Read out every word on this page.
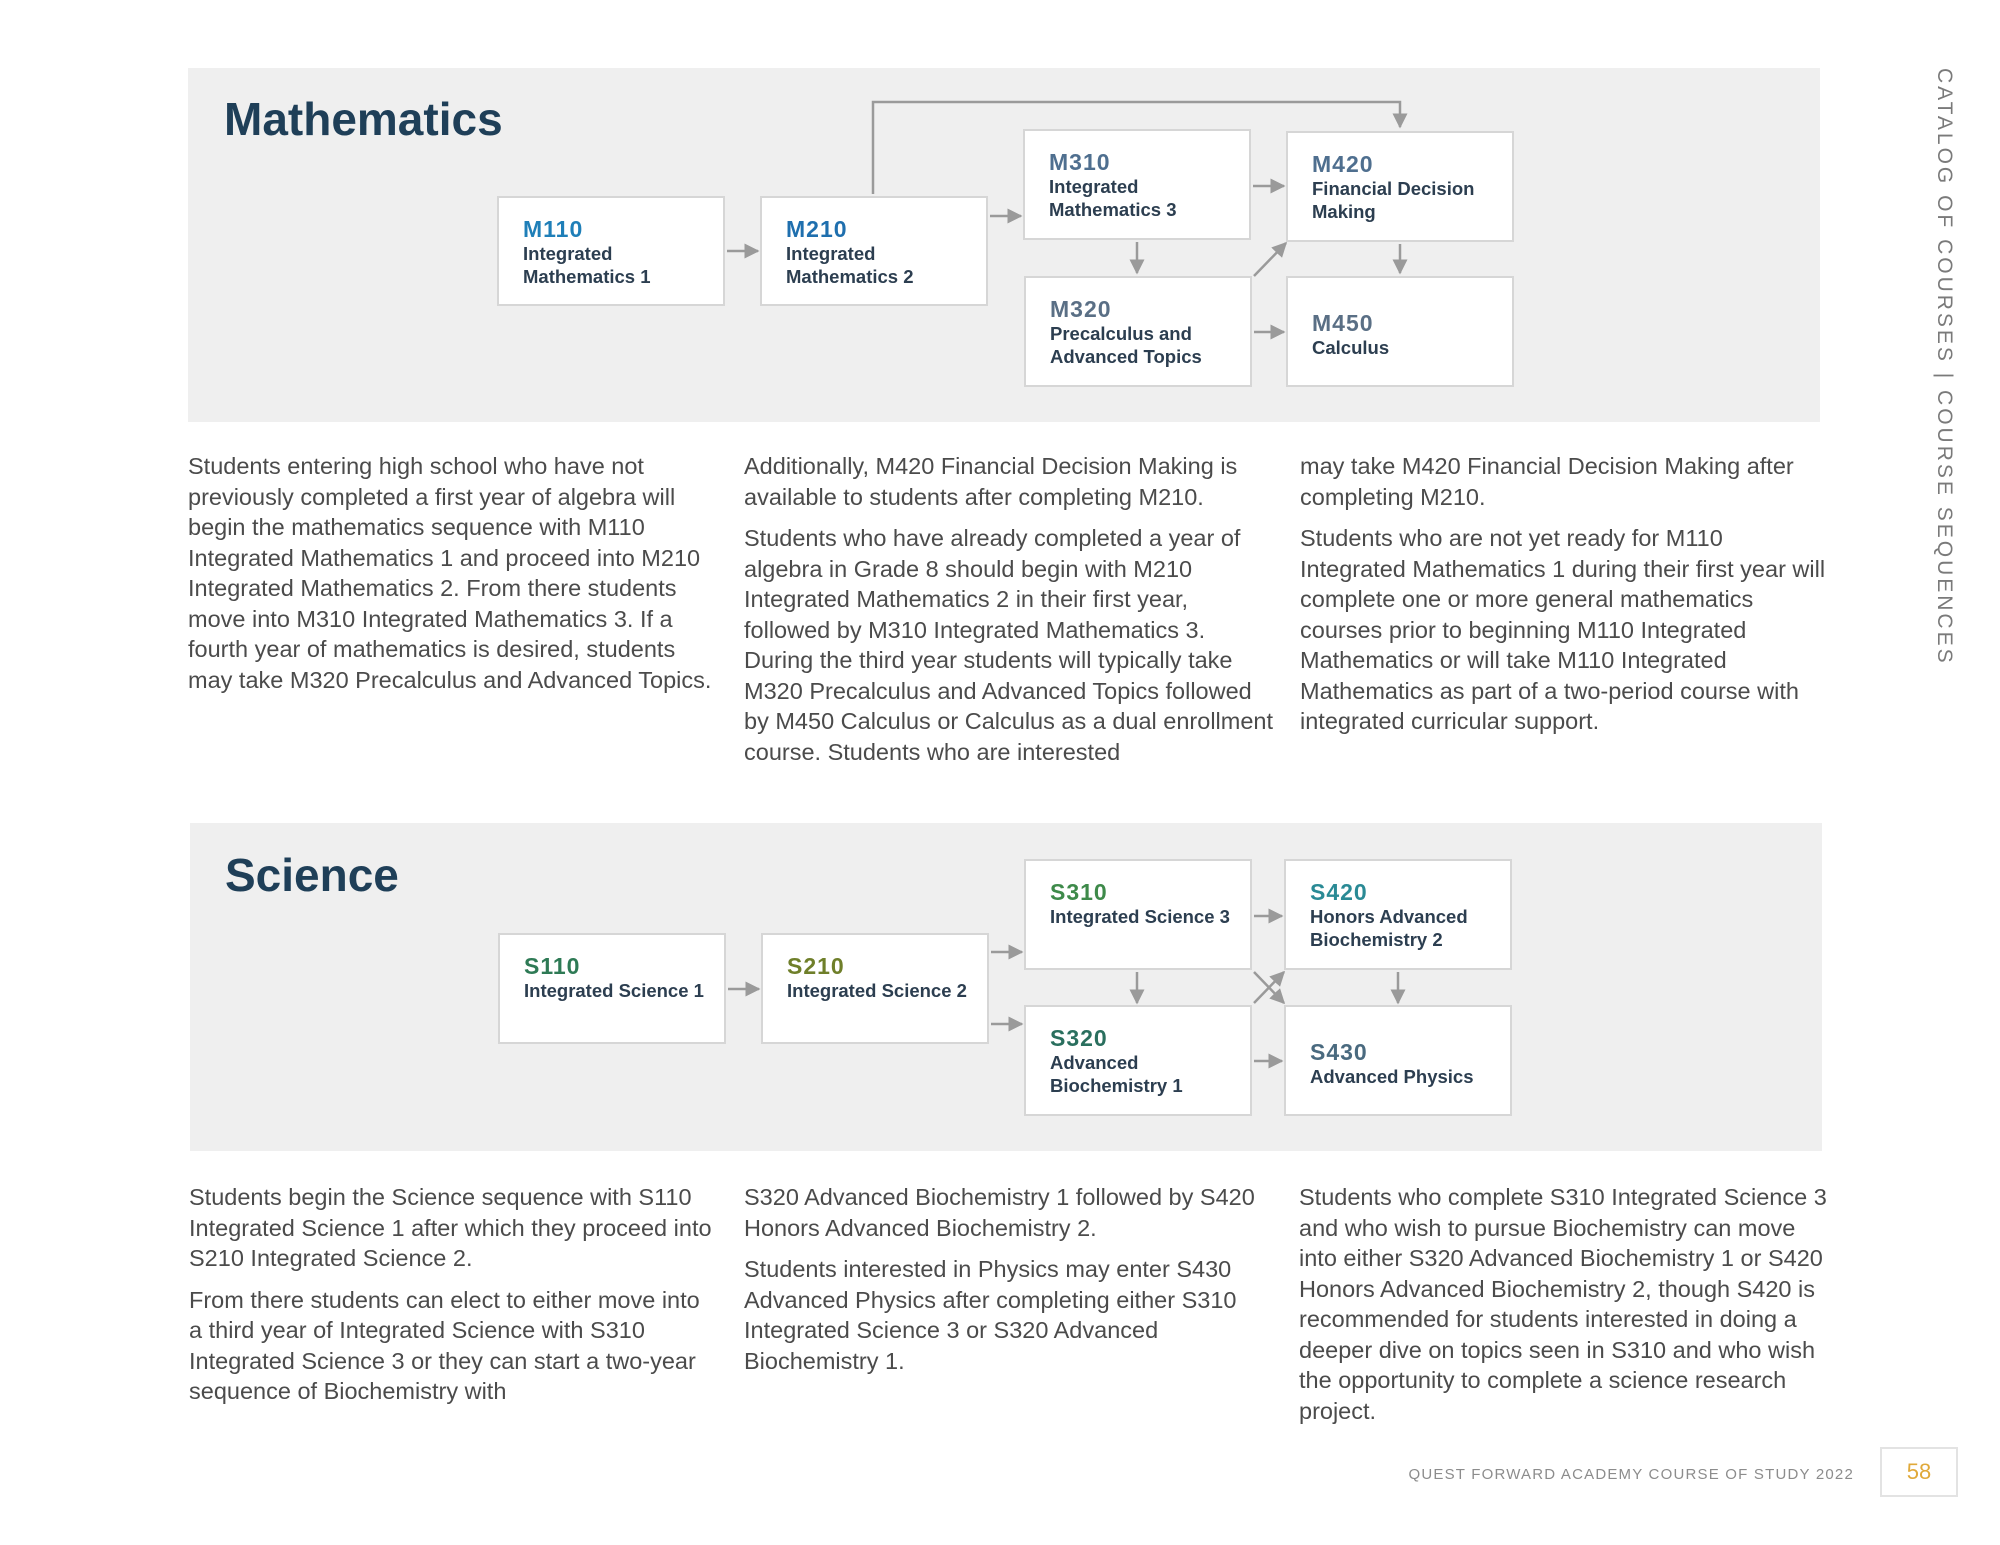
Mathematics
M110
Integrated Mathematics 1
M210
Integrated Mathematics 2
M310
Integrated Mathematics 3
M320
Precalculus and Advanced Topics
M420
Financial Decision Making
M450
Calculus
Science
S110
Integrated Science 1
S210
Integrated Science 2
S310
Integrated Science 3
S320
Advanced Biochemistry 1
S420
Honors Advanced Biochemistry 2
S430
Advanced Physics

Students entering high school who have not previously completed a first year of algebra will begin the mathematics sequence with M110 Integrated Mathematics 1 and proceed into M210 Integrated Mathematics 2. From there students move into M310 Integrated Mathematics 3. If a fourth year of mathematics is desired, students may take M320 Precalculus and Advanced Topics.

Additionally, M420 Financial Decision Making is available to students after completing M210.

Students who have already completed a year of algebra in Grade 8 should begin with M210 Integrated Mathematics 2 in their first year, followed by M310 Integrated Mathematics 3. During the third year students will typically take M320 Precalculus and Advanced Topics followed by M450 Calculus or Calculus as a dual enrollment course. Students who are interested

may take M420 Financial Decision Making after completing M210.

Students who are not yet ready for M110 Integrated Mathematics 1 during their first year will complete one or more general mathematics courses prior to beginning M110 Integrated Mathematics or will take M110 Integrated Mathematics as part of a two-period course with integrated curricular support.

Students begin the Science sequence with S110 Integrated Science 1 after which they proceed into S210 Integrated Science 2.

From there students can elect to either move into a third year of Integrated Science with S310 Integrated Science 3 or they can start a two-year sequence of Biochemistry with

S320 Advanced Biochemistry 1 followed by S420 Honors Advanced Biochemistry 2.

Students interested in Physics may enter S430 Advanced Physics after completing either S310 Integrated Science 3 or S320 Advanced Biochemistry 1.

Students who complete S310 Integrated Science 3 and who wish to pursue Biochemistry can move into either S320 Advanced Biochemistry 1 or S420 Honors Advanced Biochemistry 2, though S420 is recommended for students interested in doing a deeper dive on topics seen in S310 and who wish the opportunity to complete a science research project.

CATALOG OF COURSES | COURSE SEQUENCES
QUEST FORWARD ACADEMY COURSE OF STUDY 2022	58
